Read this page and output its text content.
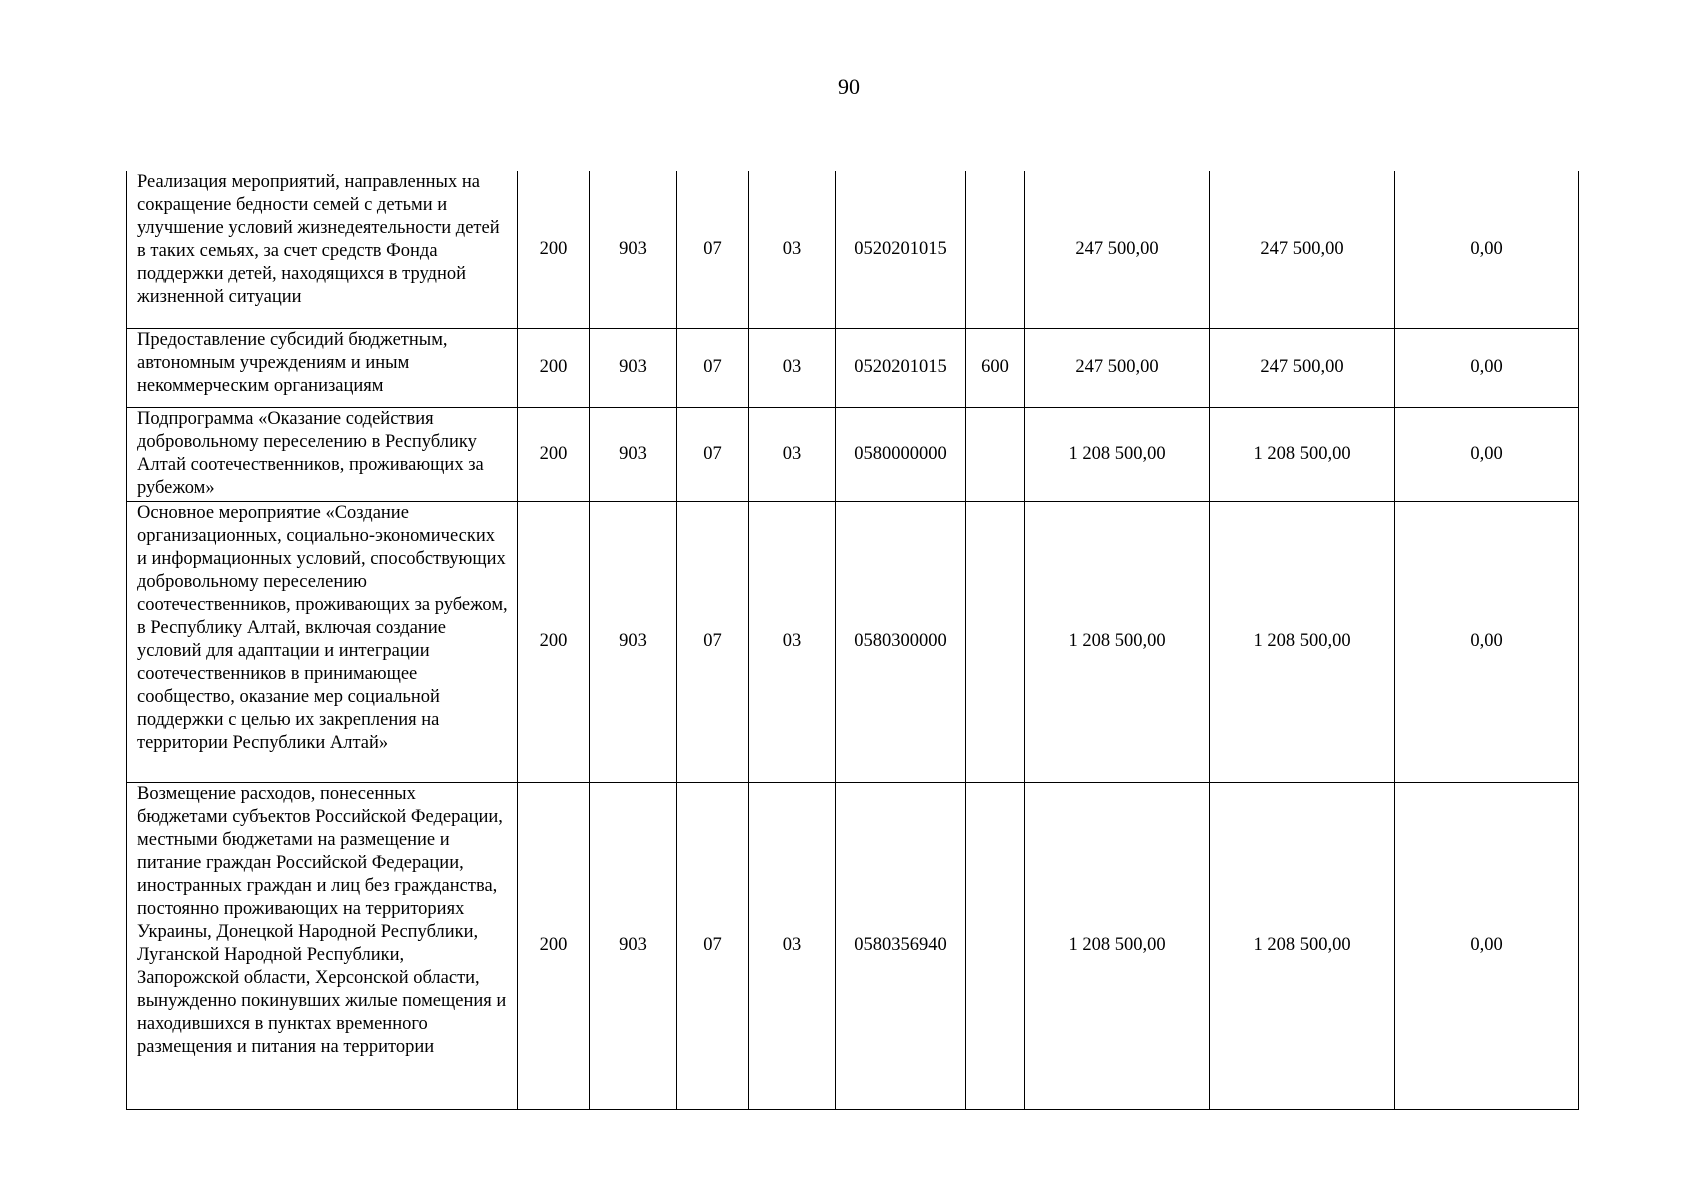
90
Реализация мероприятий, направленных на сокращение бедности семей с детьми и улучшение условий жизнедеятельности детей в таких семьях, за счет средств Фонда поддержки детей, находящихся в трудной жизненной ситуации	200	903	07	03	0520201015		247 500,00	247 500,00	0,00
Предоставление субсидий бюджетным, автономным учреждениям и иным некоммерческим организациям	200	903	07	03	0520201015	600	247 500,00	247 500,00	0,00
Подпрограмма «Оказание содействия добровольному переселению в Республику Алтай соотечественников, проживающих за рубежом»	200	903	07	03	0580000000		1 208 500,00	1 208 500,00	0,00
Основное мероприятие «Создание организационных, социально-экономических и информационных условий, способствующих добровольному переселению соотечественников, проживающих за рубежом, в Республику Алтай, включая создание условий для адаптации и интеграции соотечественников в принимающее сообщество, оказание мер социальной поддержки с целью их закрепления на территории Республики Алтай»	200	903	07	03	0580300000		1 208 500,00	1 208 500,00	0,00
Возмещение расходов, понесенных бюджетами субъектов Российской Федерации, местными бюджетами на размещение и питание граждан Российской Федерации, иностранных граждан и лиц без гражданства, постоянно проживающих на территориях Украины, Донецкой Народной Республики, Луганской Народной Республики, Запорожской области, Херсонской области, вынужденно покинувших жилые помещения и находившихся в пунктах временного размещения и питания на территории	200	903	07	03	0580356940		1 208 500,00	1 208 500,00	0,00
